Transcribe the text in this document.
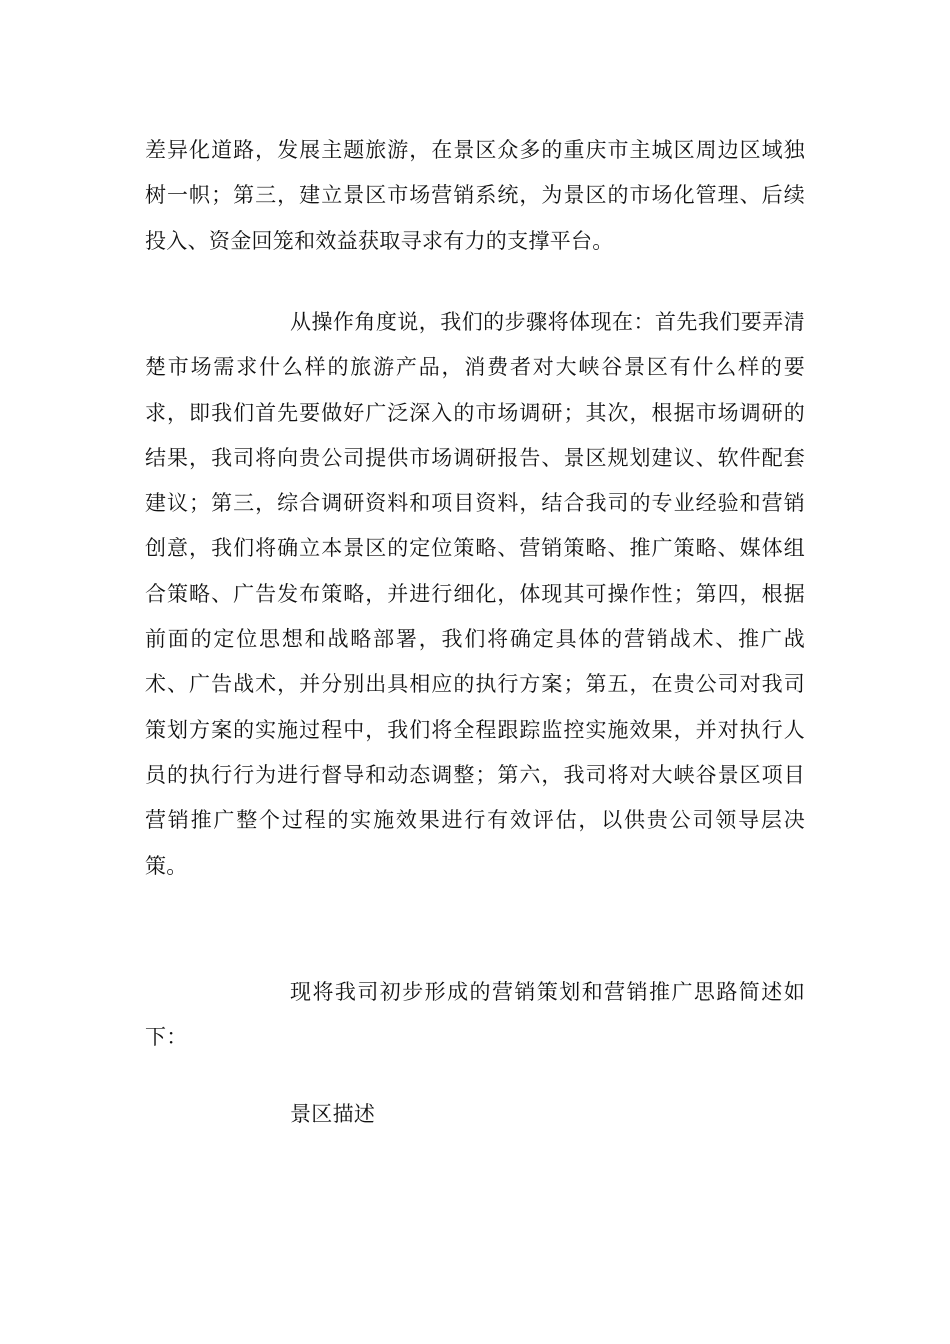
差异化道路，发展主题旅游，在景区众多的重庆市主城区周边区域独树一帜；第三，建立景区市场营销系统，为景区的市场化管理、后续投入、资金回笼和效益获取寻求有力的支撑平台。

从操作角度说，我们的步骤将体现在：首先我们要弄清楚市场需求什么样的旅游产品，消费者对大峡谷景区有什么样的要求，即我们首先要做好广泛深入的市场调研；其次，根据市场调研的结果，我司将向贵公司提供市场调研报告、景区规划建议、软件配套建议；第三，综合调研资料和项目资料，结合我司的专业经验和营销创意，我们将确立本景区的定位策略、营销策略、推广策略、媒体组合策略、广告发布策略，并进行细化，体现其可操作性；第四，根据前面的定位思想和战略部署，我们将确定具体的营销战术、推广战术、广告战术，并分别出具相应的执行方案；第五，在贵公司对我司策划方案的实施过程中，我们将全程跟踪监控实施效果，并对执行人员的执行行为进行督导和动态调整；第六，我司将对大峡谷景区项目营销推广整个过程的实施效果进行有效评估，以供贵公司领导层决策。

现将我司初步形成的营销策划和营销推广思路简述如下：

景区描述
